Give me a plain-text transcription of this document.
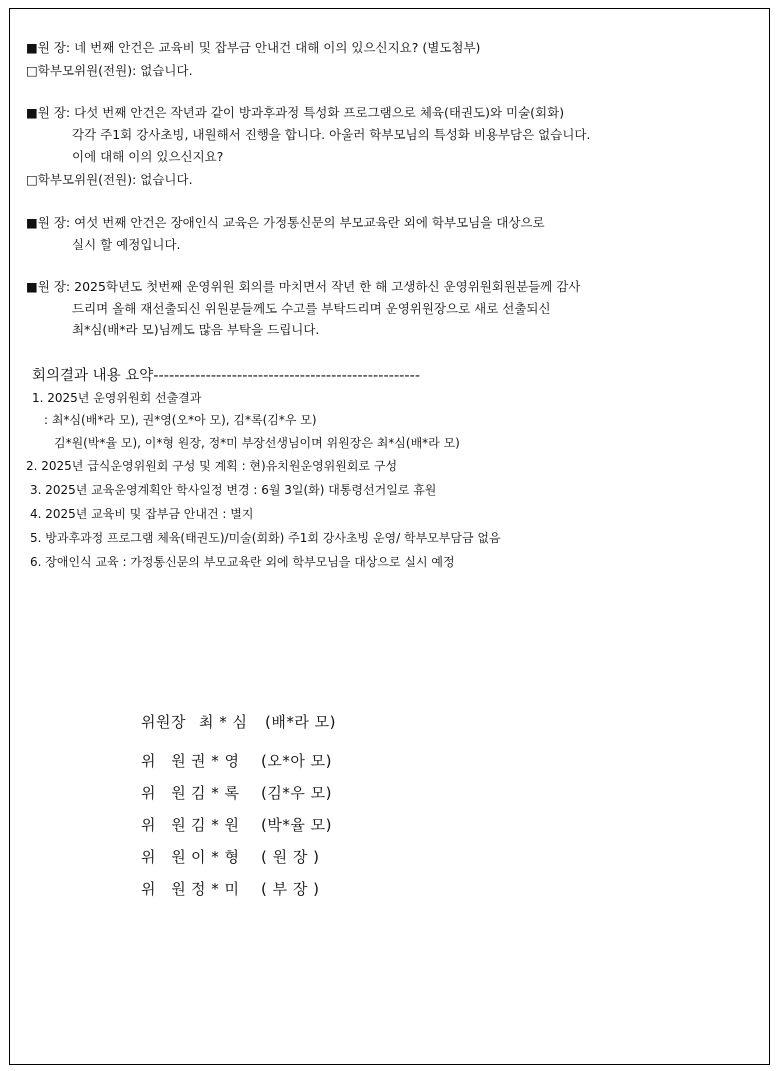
■원 장: 네 번째 안건은 교육비 및 잡부금 안내건 대해 이의 있으신지요? (별도첨부)
□학부모위원(전원): 없습니다.
■원 장: 다섯 번째 안건은 작년과 같이 방과후과정 특성화 프로그램으로 체육(태권도)와 미술(회화)
각각 주1회 강사초빙, 내원해서 진행을 합니다. 아울러 학부모님의 특성화 비용부담은 없습니다.
이에 대해 이의 있으신지요?
□학부모위원(전원): 없습니다.
■원 장: 여섯 번째 안건은 장애인식 교육은 가정통신문의 부모교육란 외에 학부모님을 대상으로
실시 할 예정입니다.
■원 장: 2025학년도 첫번째 운영위원 회의를 마치면서 작년 한 해 고생하신 운영위원회원분들께 감사
드리며 올해 재선출되신 위원분들께도 수고를 부탁드리며 운영위원장으로 새로 선출되신
최*심(배*라 모)님께도 많음 부탁을 드립니다.
회의결과 내용 요약---------------------------------------------------
1. 2025년 운영위원회 선출결과
: 최*심(배*라 모), 권*영(오*아 모), 김*록(김*우 모)
김*원(박*율 모), 이*형 원장, 정*미 부장선생님이며 위원장은 최*심(배*라 모)
2. 2025년 급식운영위원회 구성 및 계획 : 현)유치원운영위원회로 구성
3. 2025년 교육운영계획안 학사일정 변경 : 6월 3일(화) 대통령선거일로 휴원
4. 2025년 교육비 및 잡부금 안내건 : 별지
5. 방과후과정 프로그램 체육(태권도)/미술(회화) 주1회 강사초빙 운영/ 학부모부담금 없음
6. 장애인식 교육 : 가정통신문의 부모교육란 외에 학부모님을 대상으로 실시 예정
위원장 최 * 심 (배*라 모)
위 원 권 * 영 (오*아 모)
위 원 김 * 록 (김*우 모)
위 원 김 * 원 (박*율 모)
위 원 이 * 형 ( 원 장 )
위 원 정 * 미 ( 부 장 )
